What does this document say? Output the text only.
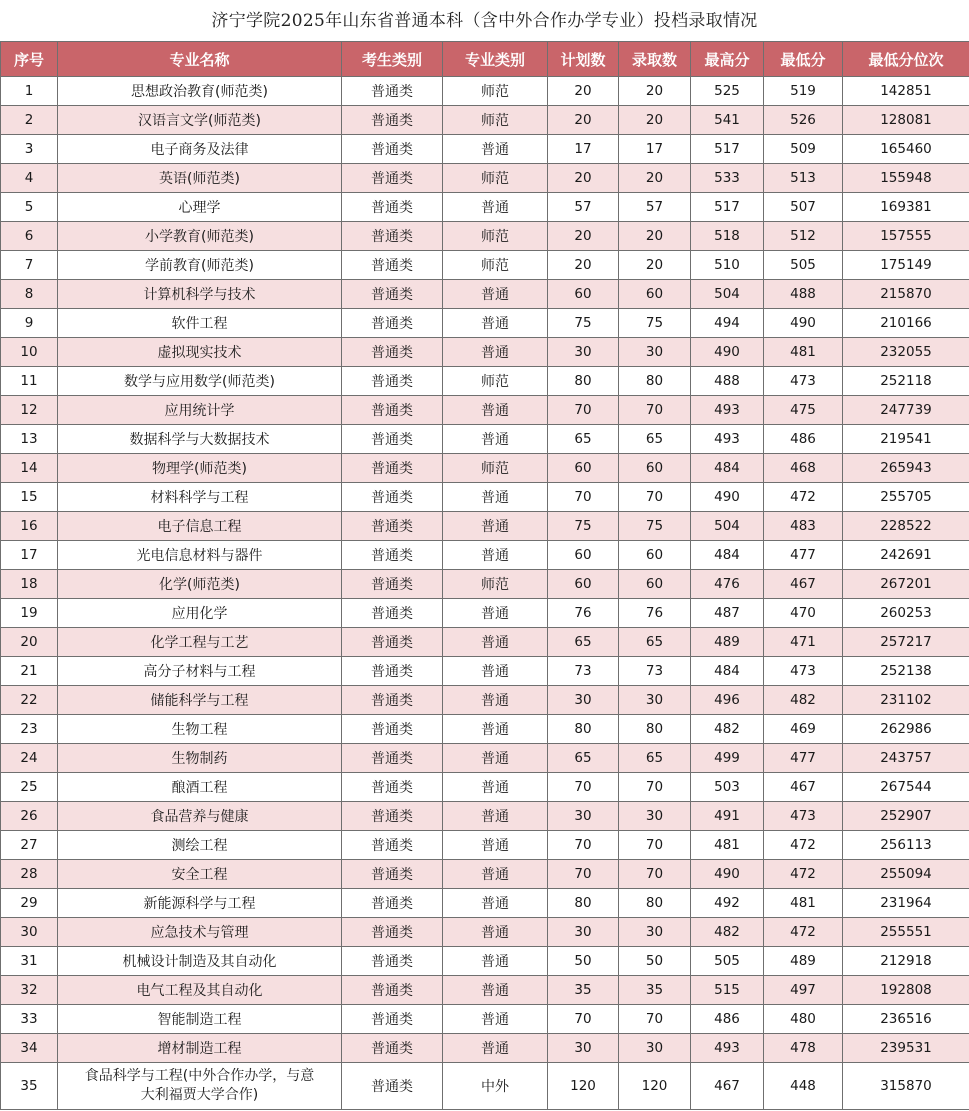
济宁学院2025年山东省普通本科（含中外合作办学专业）投档录取情况
序号	专业名称	考生类别	专业类别	计划数	录取数	最高分	最低分	最低分位次
1	思想政治教育(师范类)	普通类	师范	20	20	525	519	142851
2	汉语言文学(师范类)	普通类	师范	20	20	541	526	128081
3	电子商务及法律	普通类	普通	17	17	517	509	165460
4	英语(师范类)	普通类	师范	20	20	533	513	155948
5	心理学	普通类	普通	57	57	517	507	169381
6	小学教育(师范类)	普通类	师范	20	20	518	512	157555
7	学前教育(师范类)	普通类	师范	20	20	510	505	175149
8	计算机科学与技术	普通类	普通	60	60	504	488	215870
9	软件工程	普通类	普通	75	75	494	490	210166
10	虚拟现实技术	普通类	普通	30	30	490	481	232055
11	数学与应用数学(师范类)	普通类	师范	80	80	488	473	252118
12	应用统计学	普通类	普通	70	70	493	475	247739
13	数据科学与大数据技术	普通类	普通	65	65	493	486	219541
14	物理学(师范类)	普通类	师范	60	60	484	468	265943
15	材料科学与工程	普通类	普通	70	70	490	472	255705
16	电子信息工程	普通类	普通	75	75	504	483	228522
17	光电信息材料与器件	普通类	普通	60	60	484	477	242691
18	化学(师范类)	普通类	师范	60	60	476	467	267201
19	应用化学	普通类	普通	76	76	487	470	260253
20	化学工程与工艺	普通类	普通	65	65	489	471	257217
21	高分子材料与工程	普通类	普通	73	73	484	473	252138
22	储能科学与工程	普通类	普通	30	30	496	482	231102
23	生物工程	普通类	普通	80	80	482	469	262986
24	生物制药	普通类	普通	65	65	499	477	243757
25	酿酒工程	普通类	普通	70	70	503	467	267544
26	食品营养与健康	普通类	普通	30	30	491	473	252907
27	测绘工程	普通类	普通	70	70	481	472	256113
28	安全工程	普通类	普通	70	70	490	472	255094
29	新能源科学与工程	普通类	普通	80	80	492	481	231964
30	应急技术与管理	普通类	普通	30	30	482	472	255551
31	机械设计制造及其自动化	普通类	普通	50	50	505	489	212918
32	电气工程及其自动化	普通类	普通	35	35	515	497	192808
33	智能制造工程	普通类	普通	70	70	486	480	236516
34	增材制造工程	普通类	普通	30	30	493	478	239531
35	食品科学与工程(中外合作办学，与意
大利福贾大学合作)	普通类	中外	120	120	467	448	315870
